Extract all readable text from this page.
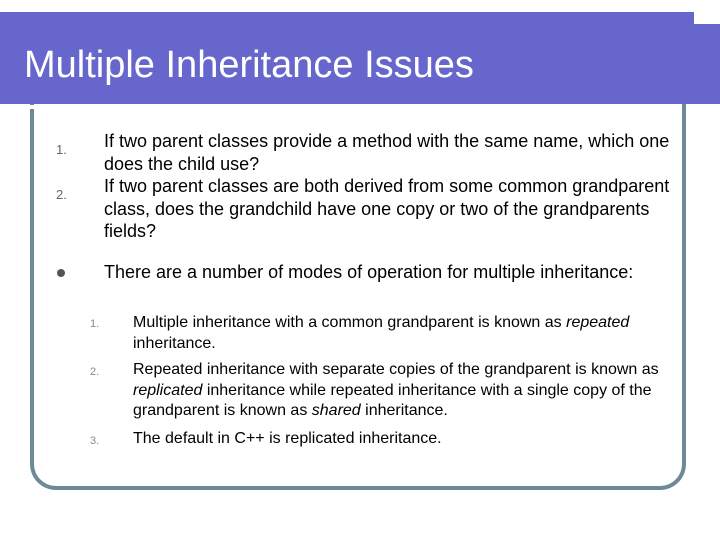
Multiple Inheritance Issues
1. If two parent classes provide a method with the same name, which one does the child use?

2. If two parent classes are both derived from some common grandparent class, does the grandchild have one copy or two of the grandparents fields?

There are a number of modes of operation for multiple inheritance:

1. Multiple inheritance with a common grandparent is known as repeated inheritance.

2. Repeated inheritance with separate copies of the grandparent is known as replicated inheritance while repeated inheritance with a single copy of the grandparent is known as shared inheritance.

3. The default in C++ is replicated inheritance.
